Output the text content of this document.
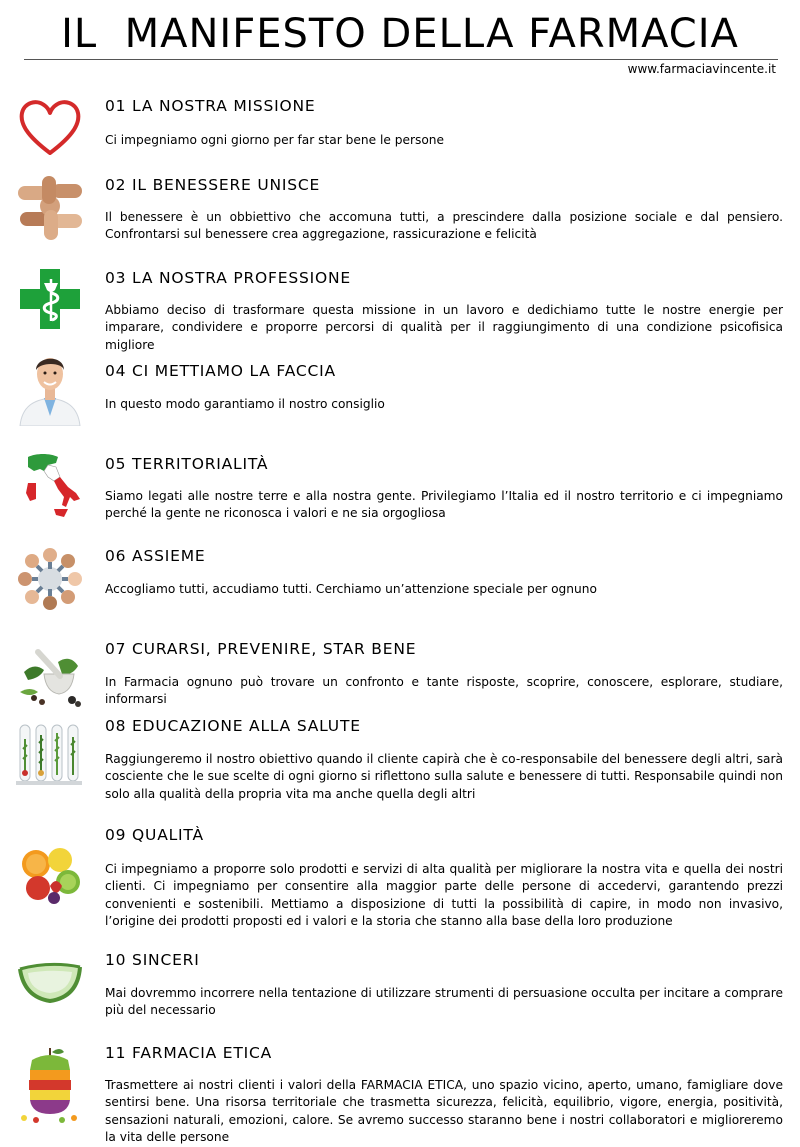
IL  MANIFESTO DELLA FARMACIA
www.farmaciavincente.it
01 LA NOSTRA MISSIONE
Ci impegniamo ogni giorno per far star bene le persone
02 IL BENESSERE UNISCE
Il benessere è un obbiettivo che accomuna tutti, a prescindere dalla posizione sociale e dal pensiero. Confrontarsi sul benessere crea aggregazione, rassicurazione e felicità
03 LA NOSTRA PROFESSIONE
Abbiamo deciso di trasformare questa missione in un lavoro e dedichiamo tutte le nostre energie per imparare, condividere e proporre percorsi di qualità per il raggiungimento di una condizione psicofisica migliore
04 CI METTIAMO LA FACCIA
In questo modo garantiamo il nostro consiglio
05 TERRITORIALITÀ
Siamo legati alle nostre terre e alla nostra gente. Privilegiamo l’Italia ed il nostro territorio e ci impegniamo perché la gente ne riconosca i valori e ne sia orgogliosa
06 ASSIEME
Accogliamo tutti, accudiamo tutti. Cerchiamo un’attenzione speciale per ognuno
07 CURARSI, PREVENIRE, STAR BENE
In Farmacia ognuno può trovare un confronto e tante risposte, scoprire, conoscere, esplorare, studiare, informarsi
08 EDUCAZIONE ALLA SALUTE
Raggiungeremo il nostro obiettivo quando il cliente capirà che è co-responsabile del benessere degli altri, sarà cosciente che le sue scelte di ogni giorno si riflettono sulla salute e benessere di tutti. Responsabile quindi non solo alla qualità della propria vita ma anche quella degli altri
09 QUALITÀ
Ci impegniamo a proporre solo prodotti e servizi di alta qualità per migliorare la nostra vita e quella dei nostri clienti. Ci impegniamo per consentire alla maggior parte delle persone di accedervi, garantendo prezzi convenienti e sostenibili. Mettiamo a disposizione di tutti la possibilità di capire, in modo non invasivo, l’origine dei prodotti proposti ed i valori e la storia che stanno alla base della loro produzione
10 SINCERI
Mai dovremmo incorrere nella tentazione di utilizzare strumenti di persuasione occulta per incitare a comprare più del necessario
11 FARMACIA ETICA
Trasmettere ai nostri clienti i valori della FARMACIA ETICA, uno spazio vicino, aperto, umano, famigliare dove sentirsi bene. Una risorsa territoriale che trasmetta sicurezza, felicità, equilibrio, vigore, energia, positività, sensazioni naturali, emozioni, calore. Se avremo successo staranno bene i nostri collaboratori e miglioreremo la vita delle persone
